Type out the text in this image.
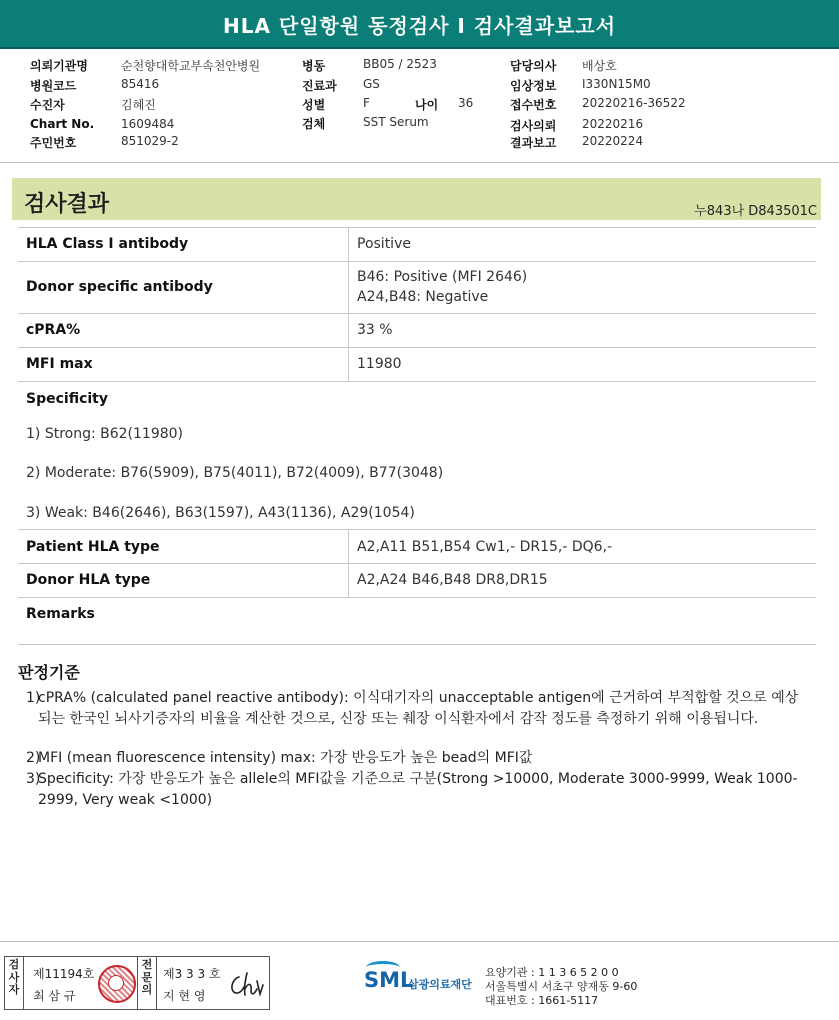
HLA 단일항원 동정검사 I 검사결과보고서
의뢰기관명	순천향대학교부속천안병원
병원코드	85416
수진자	김혜진
Chart No. 1609484
주민번호	851029-2
병동	BB05 / 2523
진료과 GS
성별	F	나이 36
검체	SST Serum
담당의사 배상호
임상정보 I330N15M0
접수번호 20220216-36522
검사의뢰 20220216
결과보고 20220224
검사결과	누843나 D843501C
HLA Class Ⅰ antibody	Positive
Donor specific antibody
B46: Positive (MFI 2646)
A24,B48: Negative
cPRA%	33 %
MFI max	11980
Specificity
Patient HLA type	A2,A11 B51,B54 Cw1,- DR15,- DQ6,-
Donor HLA type	A2,A24 B46,B48 DR8,DR15
Remarks
1) Strong: B62(11980)
2) Moderate: B76(5909), B75(4011), B72(4009), B77(3048)
3) Weak: B46(2646), B63(1597), A43(1136), A29(1054)
판정기준
1)
cPRA% (calculated panel reactive antibody): 이식대기자의 unacceptable antigen에 근거하여 부적합할 것으로 예상되는 한국인 뇌사기증자의 비율을 계산한 것으로, 신장 또는 췌장 이식환자에서 감작 정도를 측정하기 위해 이용됩니다.
2)
MFI (mean fluorescence intensity) max: 가장 반응도가 높은 bead의 MFI값
3)
Specificity: 가장 반응도가 높은 allele의 MFI값을 기준으로 구분(Strong >10000, Moderate 3000-9999, Weak 1000-2999, Very weak <1000)
검사자
제11194호
최 삼 규
전문의
제3 3 3 호
지 현 영
SML
삼광의료재단
요양기관 : 1 1 3 6 5 2 0 0
서울특별시 서초구 양재동 9-60
대표번호 : 1661-5117
